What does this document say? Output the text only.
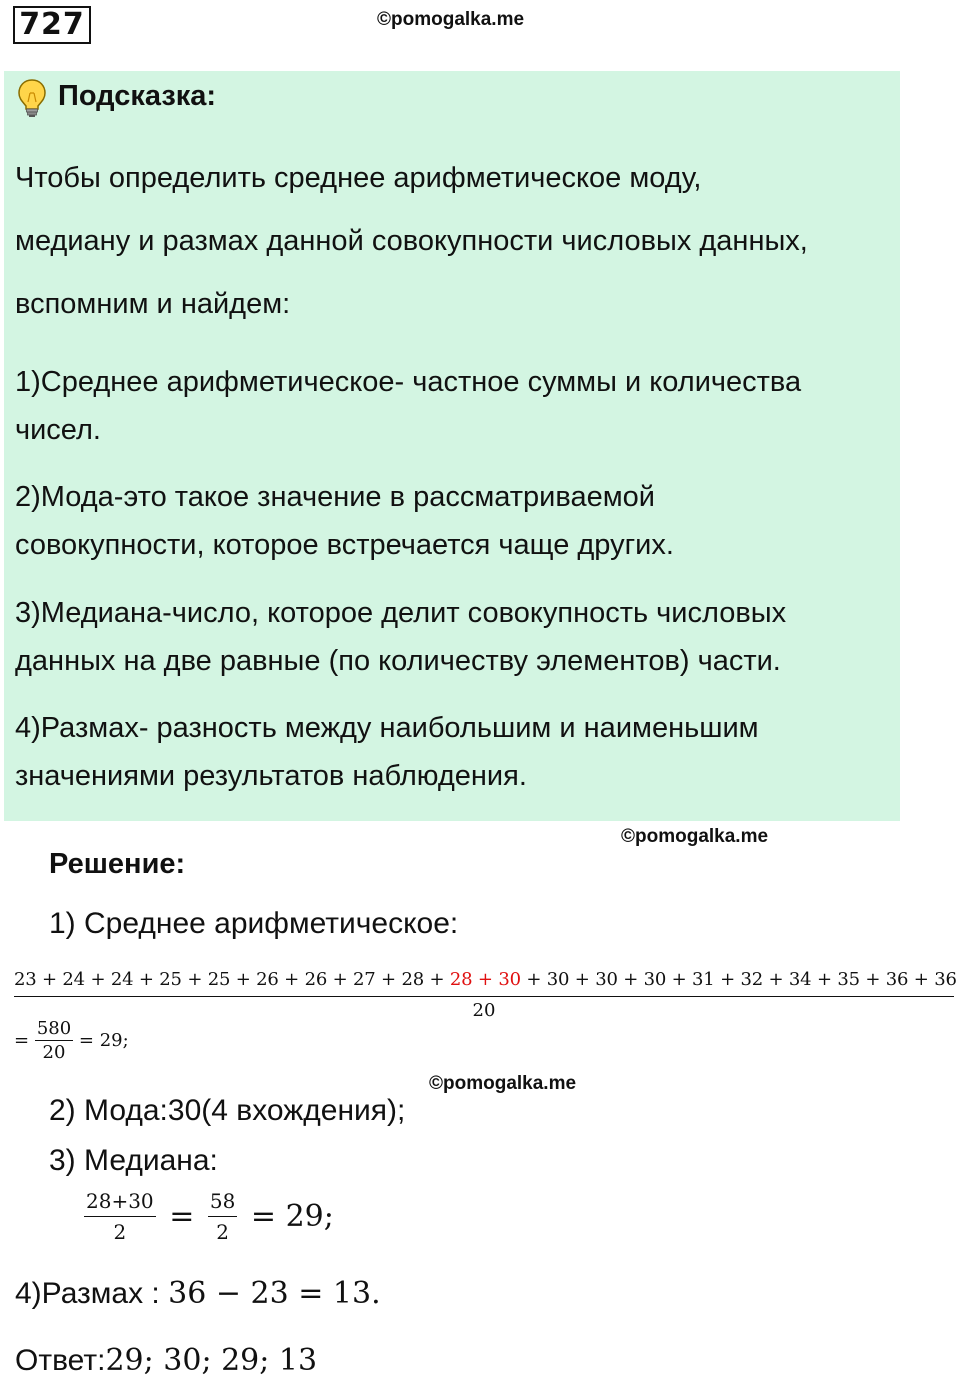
727	©pomogalka.me
Подсказка:
Чтобы определить среднее арифметическое моду,
медиану и размах данной совокупности числовых данных,
вспомним и найдем:
1)Среднее арифметическое- частное суммы и количества
чисел.
2)Мода-это такое значение в рассматриваемой
совокупности, которое встречается чаще других.
3)Медиана-число, которое делит совокупность числовых
данных на две равные (по количеству элементов) части.
4)Размах- разность между наибольшим и наименьшим
значениями результатов наблюдения.
©pomogalka.me
Решение:
1) Среднее арифметическое:
23 + 24 + 24 + 25 + 25 + 26 + 26 + 27 + 28 + 28 + 30 + 30 + 30 + 30 + 31 + 32 + 34 + 35 + 36 + 36
20
= $\frac{580}{20} = 29$;
©pomogalka.me
2) Мода:30(4 вхождения);
3) Медиана:
$\frac{28+30}{2} = \frac{58}{2} = 29$;
4)Размах : 36 − 23 = 13.
Ответ:29; 30; 29; 13
